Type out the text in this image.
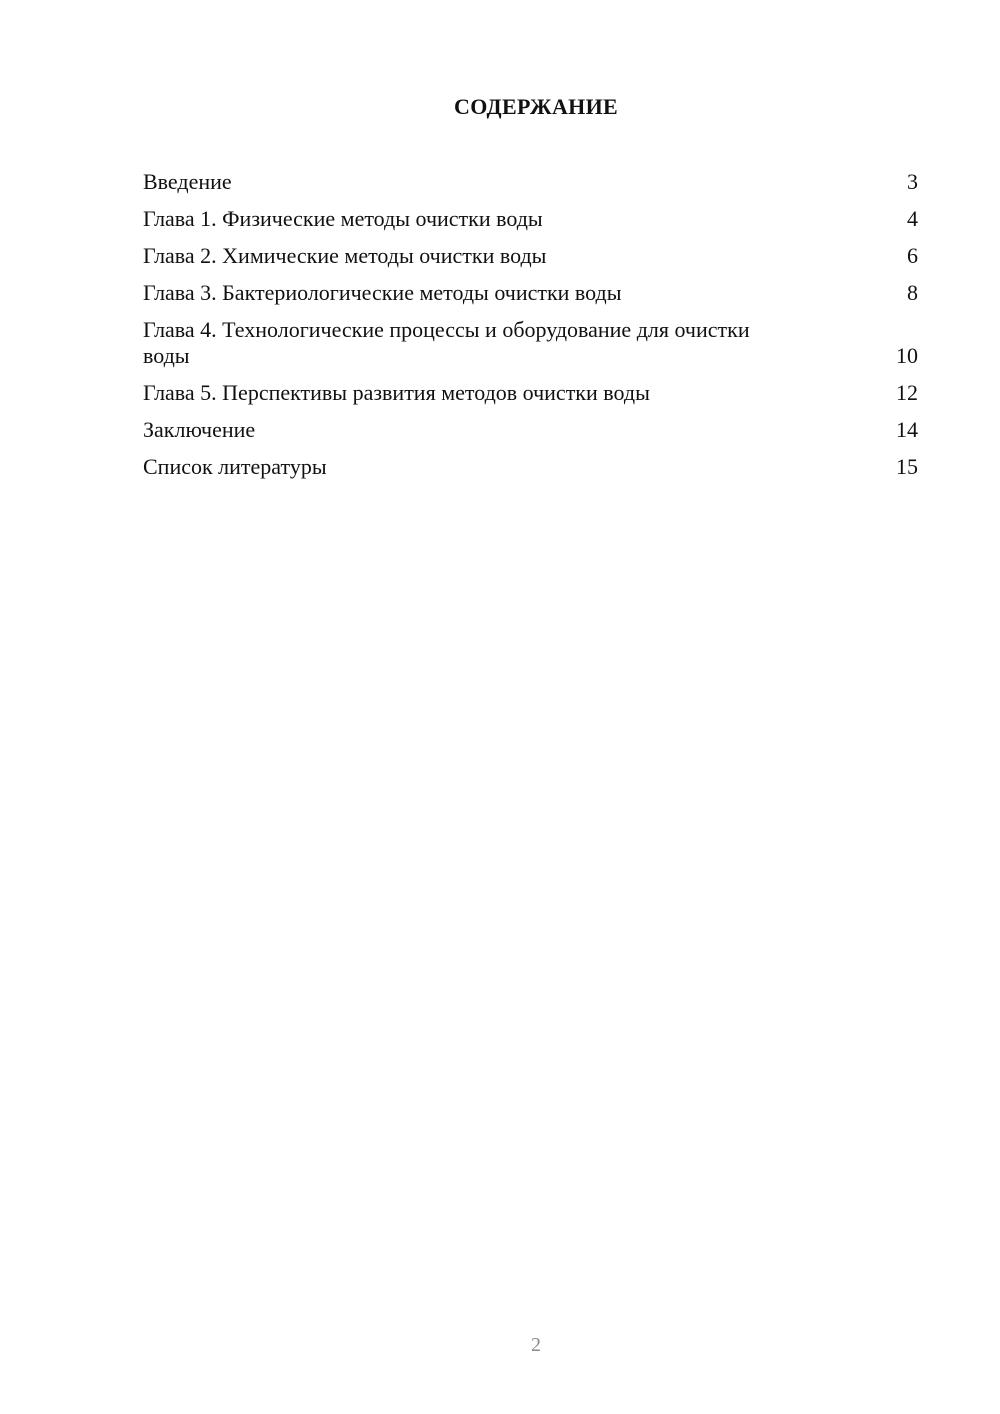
СОДЕРЖАНИЕ
Введение	3
Глава 1. Физические методы очистки воды	4
Глава 2. Химические методы очистки воды	6
Глава 3. Бактериологические методы очистки воды	8
Глава 4. Технологические процессы и оборудование для очистки воды	10
Глава 5. Перспективы развития методов очистки воды	12
Заключение	14
Список литературы	15
2
